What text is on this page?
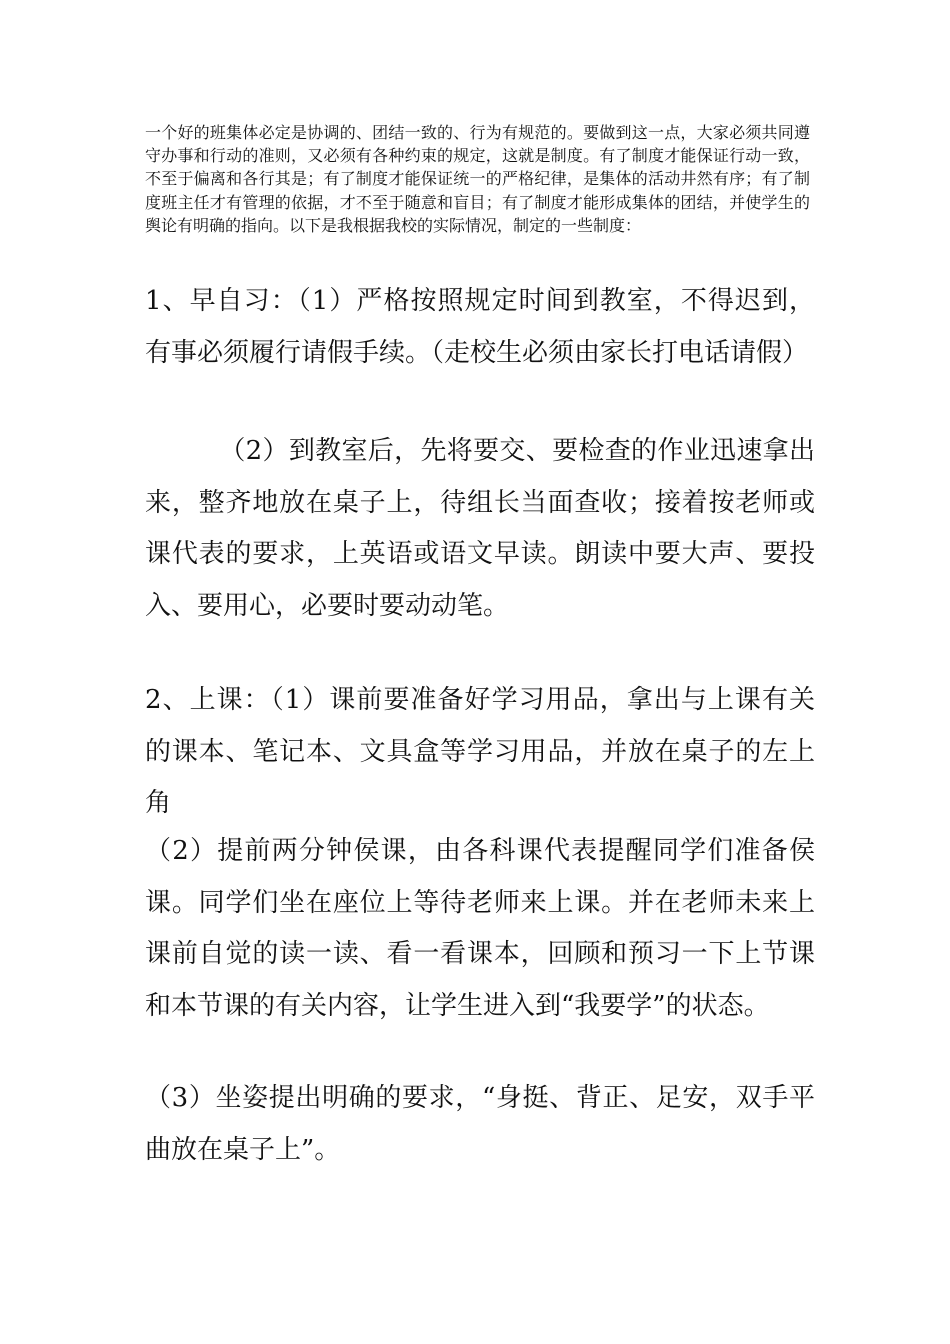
一个好的班集体必定是协调的、团结一致的、行为有规范的。要做到这一点，大家必须共同遵守办事和行动的准则，又必须有各种约束的规定，这就是制度。有了制度才能保证行动一致，不至于偏离和各行其是；有了制度才能保证统一的严格纪律，是集体的活动井然有序；有了制度班主任才有管理的依据，才不至于随意和盲目；有了制度才能形成集体的团结，并使学生的舆论有明确的指向。以下是我根据我校的实际情况，制定的一些制度：

1、早自习：（1）严格按照规定时间到教室，不得迟到，有事必须履行请假手续。（走校生必须由家长打电话请假）

（2）到教室后，先将要交、要检查的作业迅速拿出来，整齐地放在桌子上，待组长当面查收；接着按老师或课代表的要求，上英语或语文早读。朗读中要大声、要投入、要用心，必要时要动动笔。

2、上课：（1）课前要准备好学习用品，拿出与上课有关的课本、笔记本、文具盒等学习用品，并放在桌子的左上角

（2）提前两分钟侯课，由各科课代表提醒同学们准备侯课。同学们坐在座位上等待老师来上课。并在老师未来上课前自觉的读一读、看一看课本，回顾和预习一下上节课和本节课的有关内容，让学生进入到“我要学”的状态。

（3）坐姿提出明确的要求，“身挺、背正、足安，双手平曲放在桌子上”。
